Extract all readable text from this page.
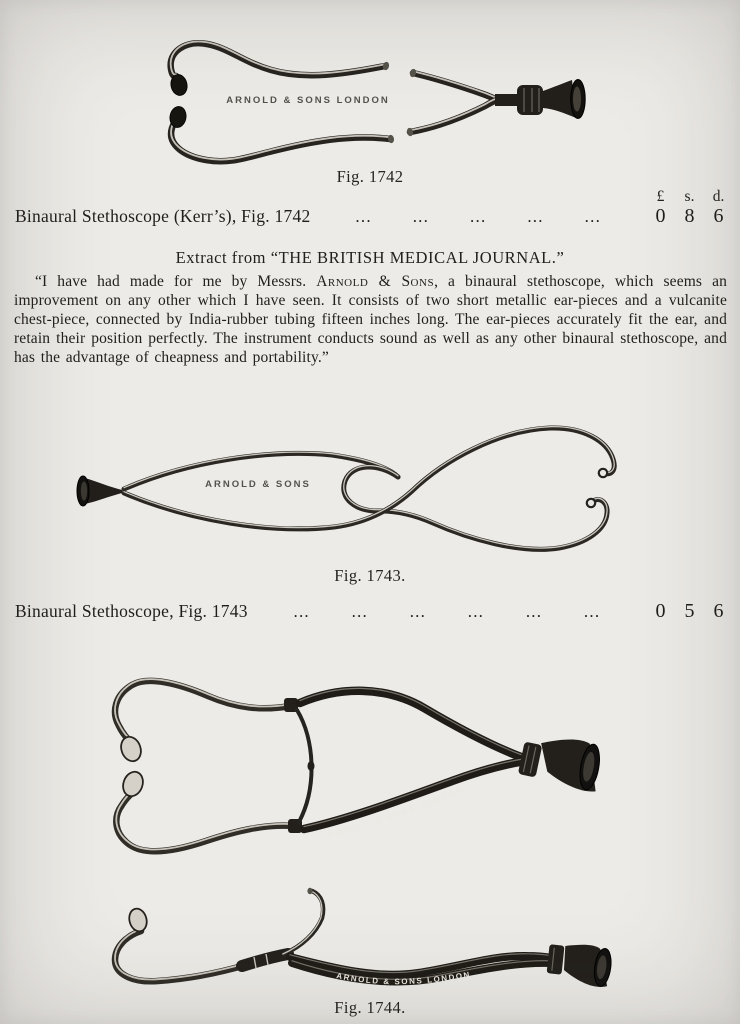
ARNOLD & SONS LONDON
Fig. 1742
£	s.	d.
Binaural Stethoscope (Kerr’s), Fig. 1742	... ... ... ... ...	0 8 6
Extract from “THE BRITISH MEDICAL JOURNAL.”

“I have had made for me by Messrs. Arnold & Sons, a binaural stethoscope, which seems an improvement on any other which I have seen. It consists of two short metallic ear-pieces and a vulcanite chest-piece, connected by India-rubber tubing fifteen inches long. The ear-pieces accurately fit the ear, and retain their position perfectly. The instrument conducts sound as well as any other binaural stethoscope, and has the advantage of cheapness and portability.”

ARNOLD & SONS
Fig. 1743.
Binaural Stethoscope, Fig. 1743	... ... ... ... ... ...	0 5 6
ARNOLD & SONS LONDON
ARNOLD & SONS LONDON
Fig. 1744.
